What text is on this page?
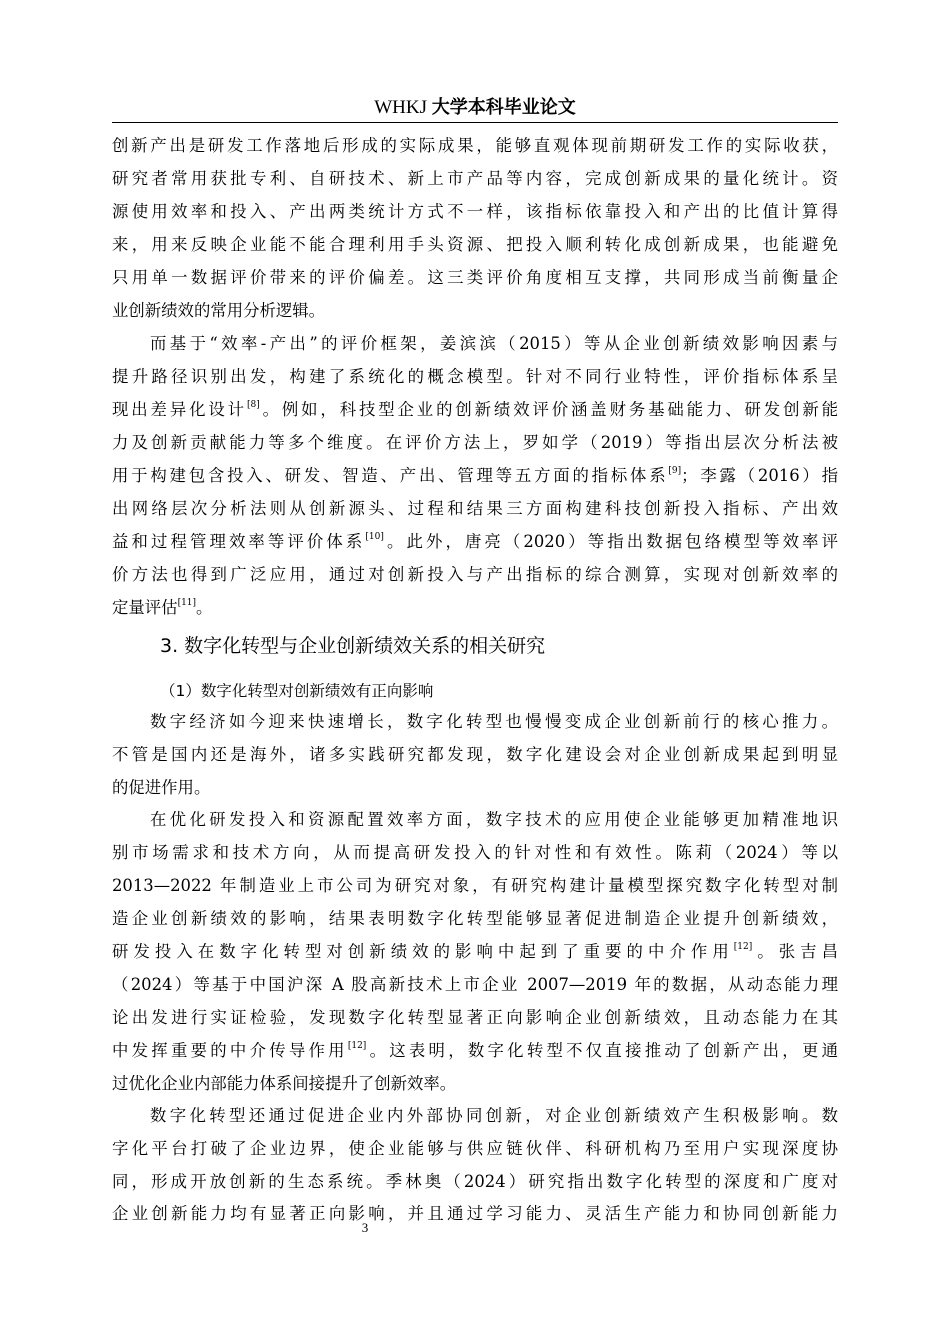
WHKJ 大学本科毕业论文
创新产出是研发工作落地后形成的实际成果，能够直观体现前期研发工作的实际收获，
研究者常用获批专利、自研技术、新上市产品等内容，完成创新成果的量化统计。资
源使用效率和投入、产出两类统计方式不一样，该指标依靠投入和产出的比值计算得
来，用来反映企业能不能合理利用手头资源、把投入顺利转化成创新成果，也能避免
只用单一数据评价带来的评价偏差。这三类评价角度相互支撑，共同形成当前衡量企
业创新绩效的常用分析逻辑。
而基于“效率-产出”的评价框架，姜滨滨（2015）等从企业创新绩效影响因素与
提升路径识别出发，构建了系统化的概念模型。针对不同行业特性，评价指标体系呈
现出差异化设计[8]。例如，科技型企业的创新绩效评价涵盖财务基础能力、研发创新能
力及创新贡献能力等多个维度。在评价方法上，罗如学（2019）等指出层次分析法被
用于构建包含投入、研发、智造、产出、管理等五方面的指标体系[9]；李露（2016）指
出网络层次分析法则从创新源头、过程和结果三方面构建科技创新投入指标、产出效
益和过程管理效率等评价体系[10]。此外，唐亮（2020）等指出数据包络模型等效率评
价方法也得到广泛应用，通过对创新投入与产出指标的综合测算，实现对创新效率的
定量评估[11]。
3. 数字化转型与企业创新绩效关系的相关研究
（1）数字化转型对创新绩效有正向影响
数字经济如今迎来快速增长，数字化转型也慢慢变成企业创新前行的核心推力。
不管是国内还是海外，诸多实践研究都发现，数字化建设会对企业创新成果起到明显
的促进作用。
在优化研发投入和资源配置效率方面，数字技术的应用使企业能够更加精准地识
别市场需求和技术方向，从而提高研发投入的针对性和有效性。陈莉（2024）等以
2013—2022 年制造业上市公司为研究对象，有研究构建计量模型探究数字化转型对制
造企业创新绩效的影响，结果表明数字化转型能够显著促进制造企业提升创新绩效，
研发投入在数字化转型对创新绩效的影响中起到了重要的中介作用[12]。张吉昌
（2024）等基于中国沪深 A 股高新技术上市企业 2007—2019 年的数据，从动态能力理
论出发进行实证检验，发现数字化转型显著正向影响企业创新绩效，且动态能力在其
中发挥重要的中介传导作用[12]。这表明，数字化转型不仅直接推动了创新产出，更通
过优化企业内部能力体系间接提升了创新效率。
数字化转型还通过促进企业内外部协同创新，对企业创新绩效产生积极影响。数
字化平台打破了企业边界，使企业能够与供应链伙伴、科研机构乃至用户实现深度协
同，形成开放创新的生态系统。季林奥（2024）研究指出数字化转型的深度和广度对
企业创新能力均有显著正向影响，并且通过学习能力、灵活生产能力和协同创新能力
3
